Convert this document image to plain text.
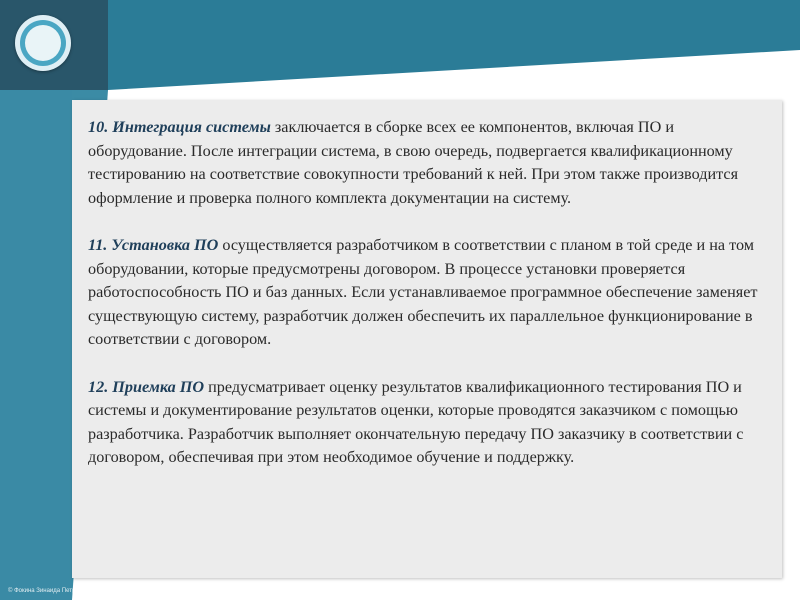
10. Интеграция системы заключается в сборке всех ее компонентов, включая ПО и оборудование. После интеграции система, в свою очередь, подвергается квалификационному тестированию на соответствие совокупности требований к ней. При этом также производится оформление и проверка полного комплекта документации на систему.

11. Установка ПО осуществляется разработчиком в соответствии с планом в той среде и на том оборудовании, которые предусмотрены договором. В процессе установки проверяется работоспособность ПО и баз данных. Если устанавливаемое программное обеспечение заменяет существующую систему, разработчик должен обеспечить их параллельное функционирование в соответствии с договором.

12. Приемка ПО предусматривает оценку результатов квалификационного тестирования ПО и системы и документирование результатов оценки, которые проводятся заказчиком с помощью разработчика. Разработчик выполняет окончательную передачу ПО заказчику в соответствии с договором, обеспечивая при этом необходимое обучение и поддержку.

© Фокина Зинаида Петровна
